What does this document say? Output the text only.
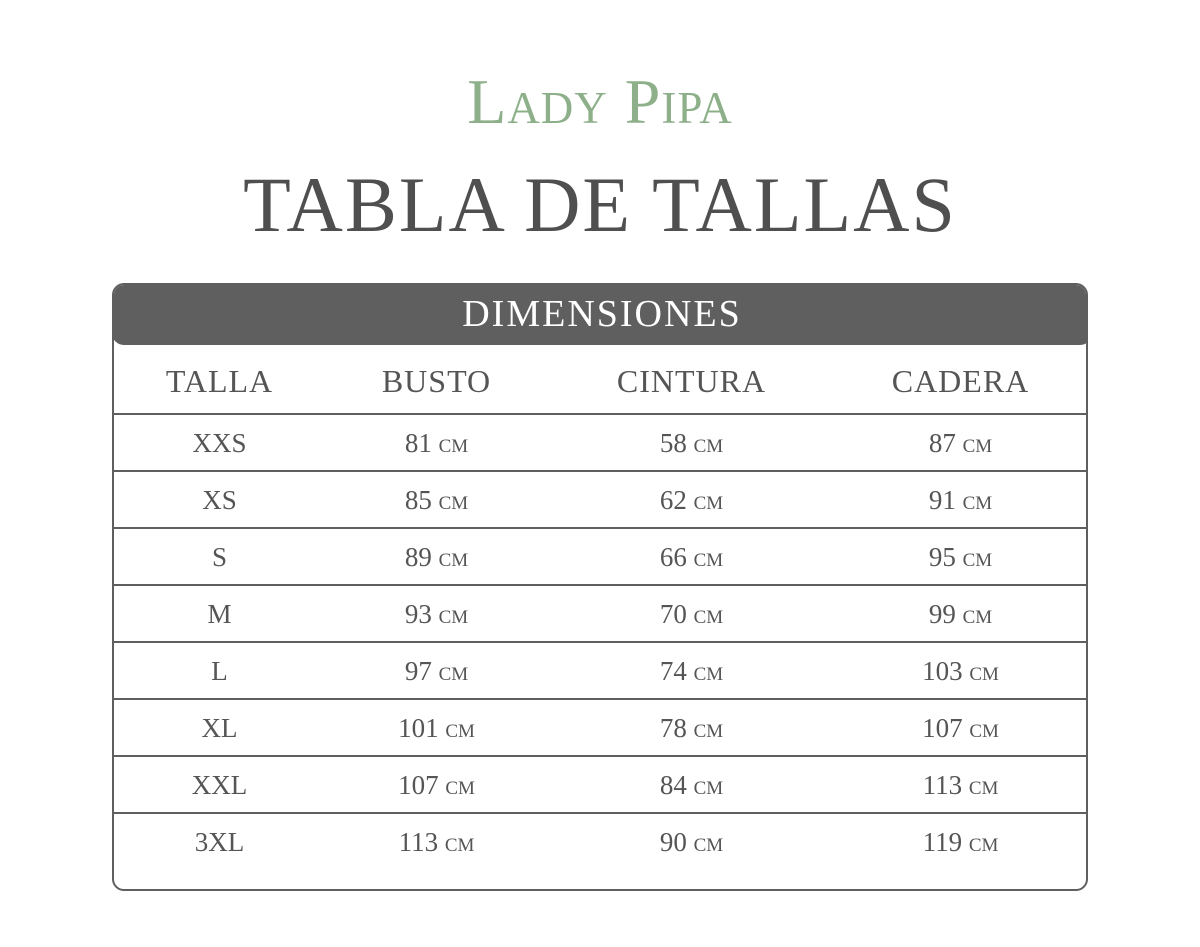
Lady Pipa
TABLA DE TALLAS
DIMENSIONES
TALLA	BUSTO	CINTURA	CADERA
XXS	81 cm	58 cm	87 cm
XS	85 cm	62 cm	91 cm
S	89 cm	66 cm	95 cm
M	93 cm	70 cm	99 cm
L	97 cm	74 cm	103 cm
XL	101 cm	78 cm	107 cm
XXL	107 cm	84 cm	113 cm
3XL	113 cm	90 cm	119 cm
